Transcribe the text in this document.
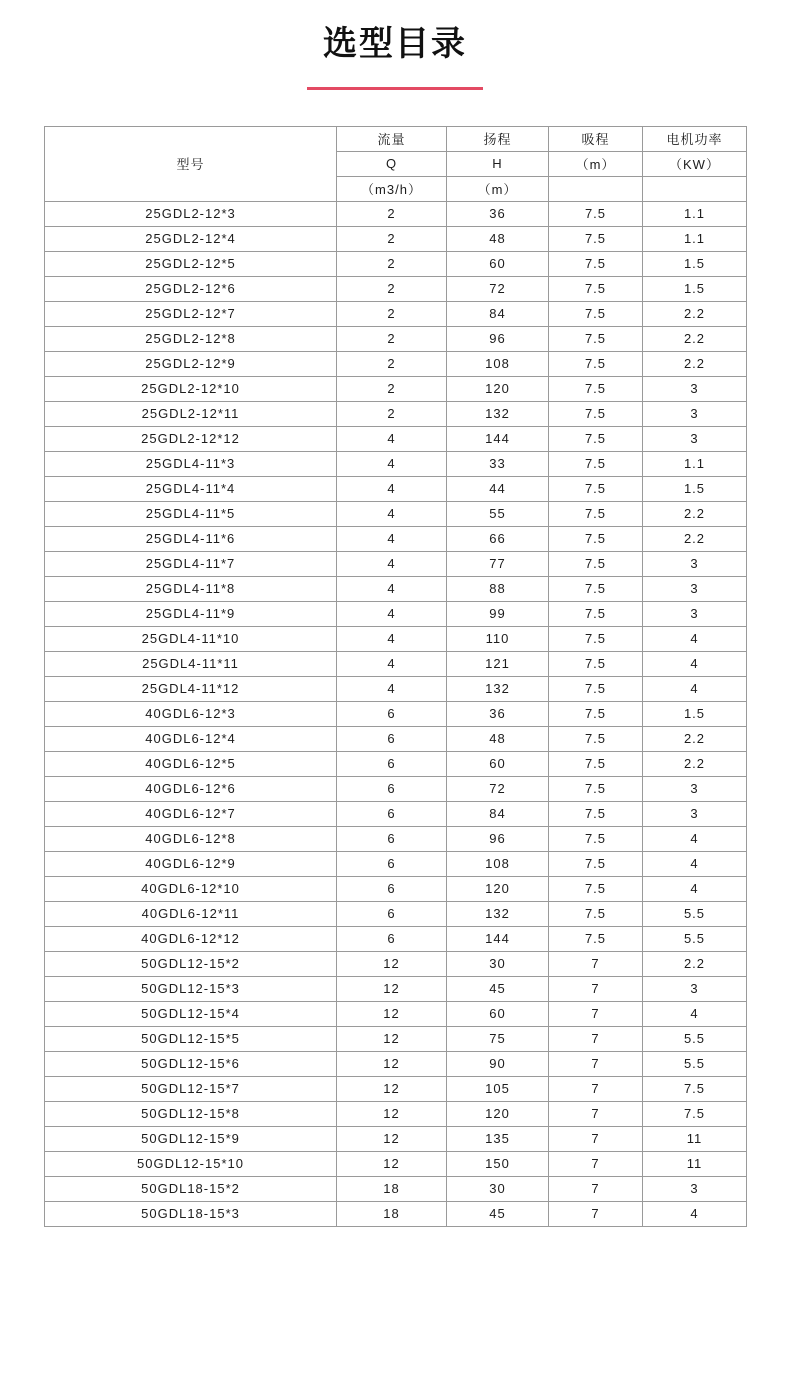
选型目录
型号	流量	扬程	吸程	电机功率
	Q	H	（m）	（KW）
	（m3/h）	（m）		
25GDL2-12*3	2	36	7.5	1.1
25GDL2-12*4	2	48	7.5	1.1
25GDL2-12*5	2	60	7.5	1.5
25GDL2-12*6	2	72	7.5	1.5
25GDL2-12*7	2	84	7.5	2.2
25GDL2-12*8	2	96	7.5	2.2
25GDL2-12*9	2	108	7.5	2.2
25GDL2-12*10	2	120	7.5	3
25GDL2-12*11	2	132	7.5	3
25GDL2-12*12	4	144	7.5	3
25GDL4-11*3	4	33	7.5	1.1
25GDL4-11*4	4	44	7.5	1.5
25GDL4-11*5	4	55	7.5	2.2
25GDL4-11*6	4	66	7.5	2.2
25GDL4-11*7	4	77	7.5	3
25GDL4-11*8	4	88	7.5	3
25GDL4-11*9	4	99	7.5	3
25GDL4-11*10	4	110	7.5	4
25GDL4-11*11	4	121	7.5	4
25GDL4-11*12	4	132	7.5	4
40GDL6-12*3	6	36	7.5	1.5
40GDL6-12*4	6	48	7.5	2.2
40GDL6-12*5	6	60	7.5	2.2
40GDL6-12*6	6	72	7.5	3
40GDL6-12*7	6	84	7.5	3
40GDL6-12*8	6	96	7.5	4
40GDL6-12*9	6	108	7.5	4
40GDL6-12*10	6	120	7.5	4
40GDL6-12*11	6	132	7.5	5.5
40GDL6-12*12	6	144	7.5	5.5
50GDL12-15*2	12	30	7	2.2
50GDL12-15*3	12	45	7	3
50GDL12-15*4	12	60	7	4
50GDL12-15*5	12	75	7	5.5
50GDL12-15*6	12	90	7	5.5
50GDL12-15*7	12	105	7	7.5
50GDL12-15*8	12	120	7	7.5
50GDL12-15*9	12	135	7	11
50GDL12-15*10	12	150	7	11
50GDL18-15*2	18	30	7	3
50GDL18-15*3	18	45	7	4
